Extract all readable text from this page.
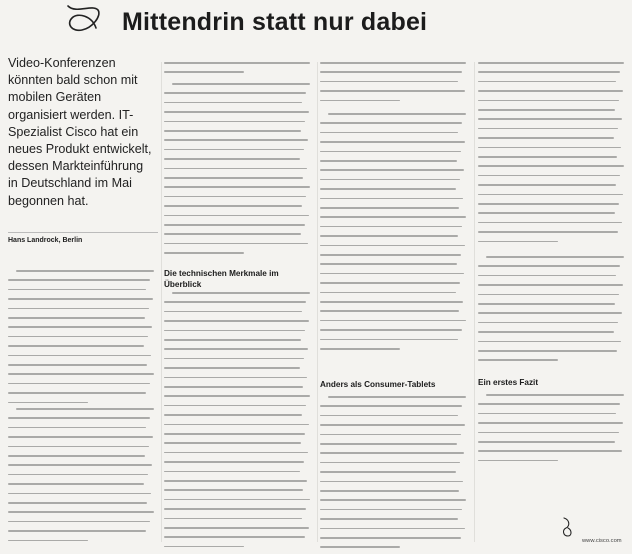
Mittendrin statt nur dabei
Video-Konferenzen könnten bald schon mit mobilen Geräten organisiert werden. IT-Spezialist Cisco hat ein neues Produkt entwickelt, dessen Markteinführung in Deutschland im Mai begonnen hat.
Hans Landrock, Berlin
Die technischen Merkmale im Überblick
Anders als Consumer-Tablets	Ein erstes Fazit
www.cisco.com
